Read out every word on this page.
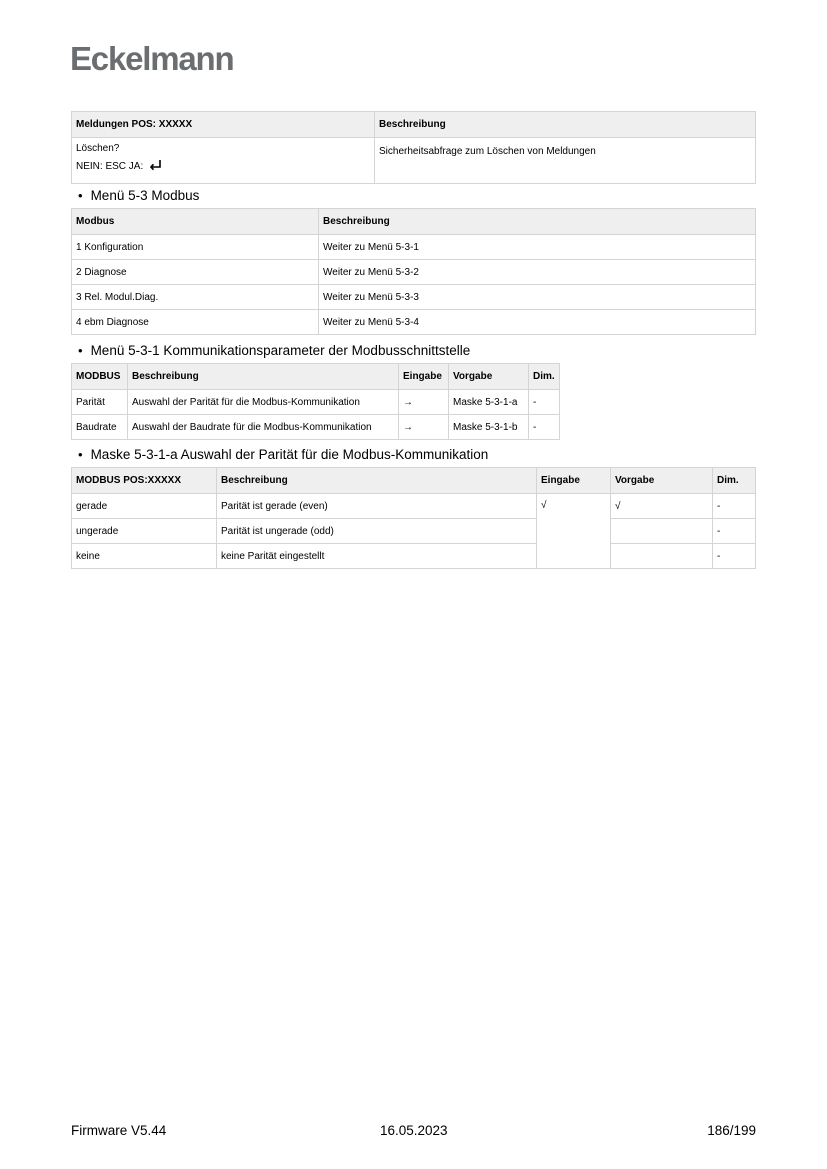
Eckelmann
Meldungen POS: XXXXX	Beschreibung

Löschen?
NEIN: ESC JA:	Sicherheitsabfrage zum Löschen von Meldungen
• Menü 5-3 Modbus
Modbus	Beschreibung
1 Konfiguration	Weiter zu Menü 5-3-1
2 Diagnose	Weiter zu Menü 5-3-2
3 Rel. Modul.Diag.	Weiter zu Menü 5-3-3
4 ebm Diagnose	Weiter zu Menü 5-3-4
• Menü 5-3-1 Kommunikationsparameter der Modbusschnittstelle
MODBUS	Beschreibung	Eingabe	Vorgabe	Dim.
Parität	Auswahl der Parität für die Modbus-Kommunikation	→	Maske 5-3-1-a	-
Baudrate	Auswahl der Baudrate für die Modbus-Kommunikation	→	Maske 5-3-1-b	-
• Maske 5-3-1-a Auswahl der Parität für die Modbus-Kommunikation
MODBUS POS:XXXXX	Beschreibung	Eingabe	Vorgabe	Dim.
gerade	Parität ist gerade (even)	√	√	-
ungerade	Parität ist ungerade (odd)			-
keine	keine Parität eingestellt			-
Firmware V5.44	16.05.2023	186/199
